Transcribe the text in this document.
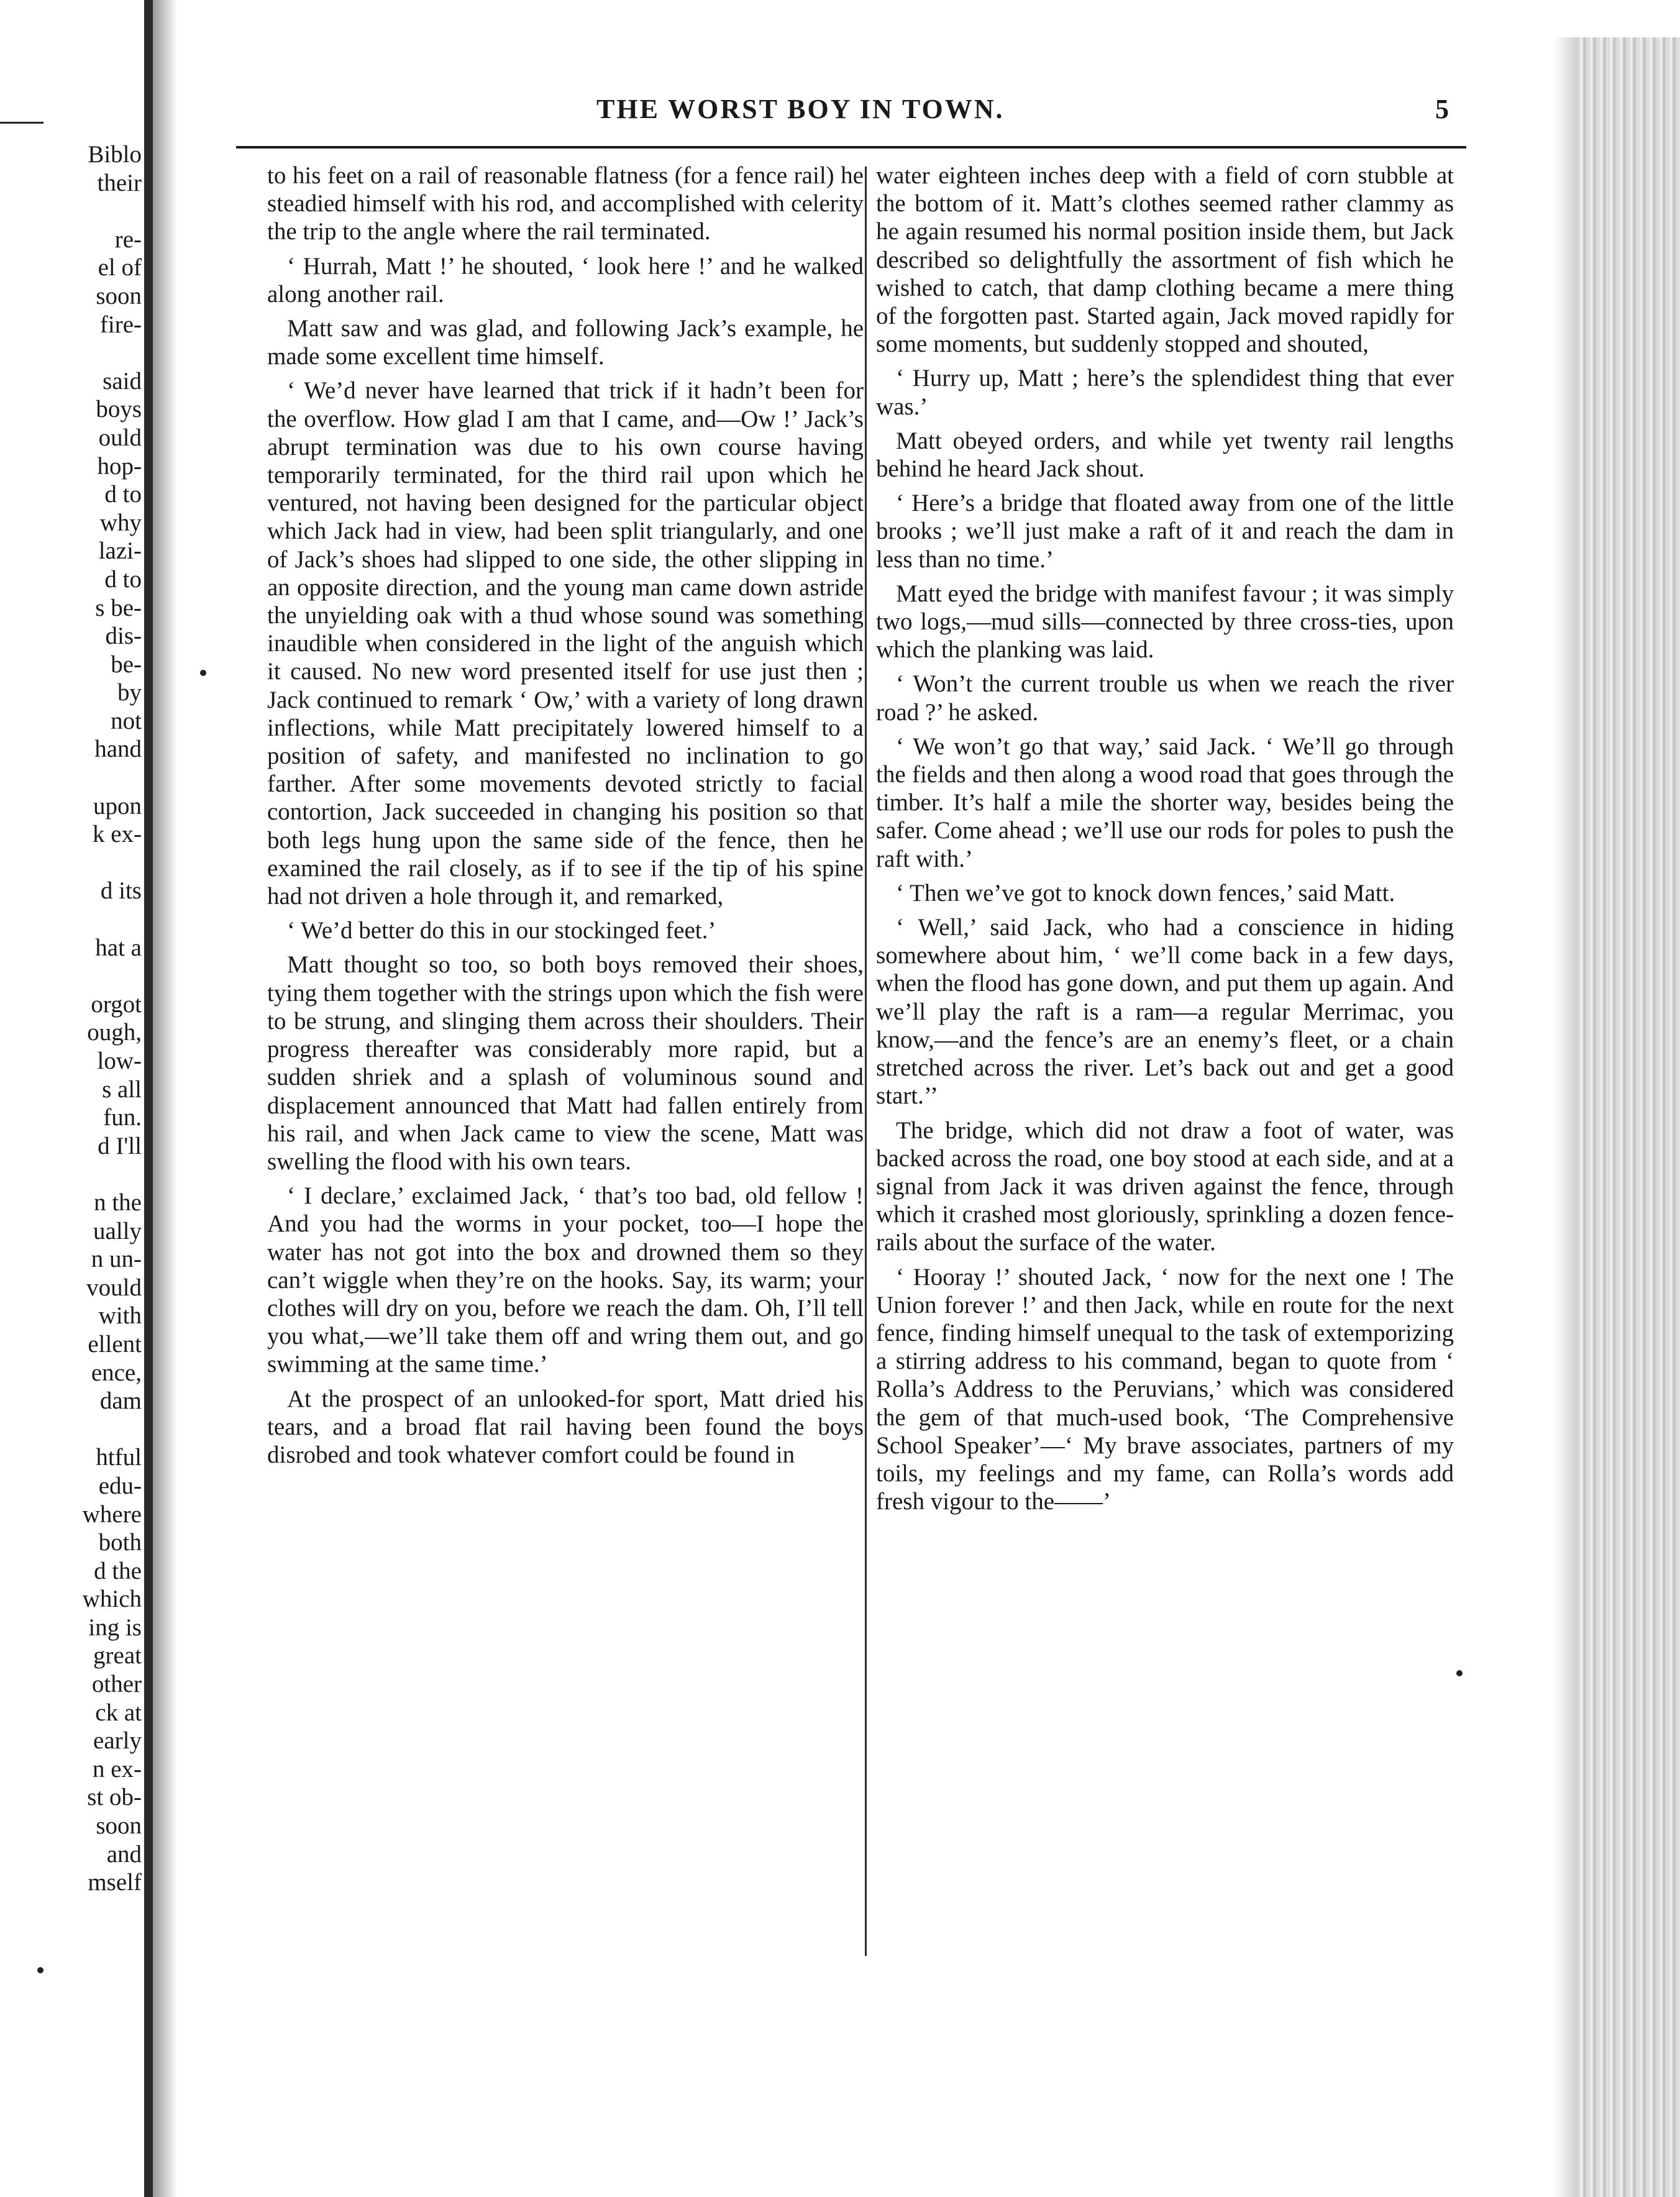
Biblo
their
re-
el of
soon
fire-
said
boys
ould
hop-
d to
why
lazi-
d to
s be-
dis-
be-
by
not
hand
upon
k ex-
d its
hat a
orgot
ough,
low-
s all
fun.
d I'll
n the
ually
n un-
vould
with
ellent
ence,
dam
htful
edu-
where
both
d the
which
ing is
great
other
ck at
early
n ex-
st ob-
soon
and
mself
THE WORST BOY IN TOWN.	5

to his feet on a rail of reasonable flatness (for a fence rail) he steadied himself with his rod, and accomplished with celerity the trip to the angle where the rail terminated.

‘ Hurrah, Matt !’ he shouted, ‘ look here !’ and he walked along another rail.

Matt saw and was glad, and following Jack’s example, he made some excellent time himself.

‘ We’d never have learned that trick if it hadn’t been for the overflow. How glad I am that I came, and—Ow !’ Jack’s abrupt termination was due to his own course having temporarily terminated, for the third rail upon which he ventured, not having been designed for the particular object which Jack had in view, had been split triangularly, and one of Jack’s shoes had slipped to one side, the other slipping in an opposite direction, and the young man came down astride the unyielding oak with a thud whose sound was something inaudible when considered in the light of the anguish which it caused. No new word presented itself for use just then ; Jack continued to remark ‘ Ow,’ with a variety of long drawn inflections, while Matt precipitately lowered himself to a position of safety, and manifested no inclination to go farther. After some movements devoted strictly to facial contortion, Jack succeeded in changing his position so that both legs hung upon the same side of the fence, then he examined the rail closely, as if to see if the tip of his spine had not driven a hole through it, and remarked,

‘ We’d better do this in our stockinged feet.’

Matt thought so too, so both boys removed their shoes, tying them together with the strings upon which the fish were to be strung, and slinging them across their shoulders. Their progress thereafter was considerably more rapid, but a sudden shriek and a splash of voluminous sound and displacement announced that Matt had fallen entirely from his rail, and when Jack came to view the scene, Matt was swelling the flood with his own tears.

‘ I declare,’ exclaimed Jack, ‘ that’s too bad, old fellow ! And you had the worms in your pocket, too—I hope the water has not got into the box and drowned them so they can’t wiggle when they’re on the hooks. Say, its warm; your clothes will dry on you, before we reach the dam. Oh, I’ll tell you what,—we’ll take them off and wring them out, and go swimming at the same time.’

At the prospect of an unlooked-for sport, Matt dried his tears, and a broad flat rail having been found the boys disrobed and took whatever comfort could be found in

water eighteen inches deep with a field of corn stubble at the bottom of it. Matt’s clothes seemed rather clammy as he again resumed his normal position inside them, but Jack described so delightfully the assortment of fish which he wished to catch, that damp clothing became a mere thing of the forgotten past. Started again, Jack moved rapidly for some moments, but suddenly stopped and shouted,

‘ Hurry up, Matt ; here’s the splendidest thing that ever was.’

Matt obeyed orders, and while yet twenty rail lengths behind he heard Jack shout.

‘ Here’s a bridge that floated away from one of the little brooks ; we’ll just make a raft of it and reach the dam in less than no time.’

Matt eyed the bridge with manifest favour ; it was simply two logs,—mud sills—connected by three cross-ties, upon which the planking was laid.

‘ Won’t the current trouble us when we reach the river road ?’ he asked.

‘ We won’t go that way,’ said Jack. ‘ We’ll go through the fields and then along a wood road that goes through the timber. It’s half a mile the shorter way, besides being the safer. Come ahead ; we’ll use our rods for poles to push the raft with.’

‘ Then we’ve got to knock down fences,’ said Matt.

‘ Well,’ said Jack, who had a conscience in hiding somewhere about him, ‘ we’ll come back in a few days, when the flood has gone down, and put them up again. And we’ll play the raft is a ram—a regular Merrimac, you know,—and the fence’s are an enemy’s fleet, or a chain stretched across the river. Let’s back out and get a good start.’’

The bridge, which did not draw a foot of water, was backed across the road, one boy stood at each side, and at a signal from Jack it was driven against the fence, through which it crashed most gloriously, sprinkling a dozen fence-rails about the surface of the water.

‘ Hooray !’ shouted Jack, ‘ now for the next one ! The Union forever !’ and then Jack, while en route for the next fence, finding himself unequal to the task of extemporizing a stirring address to his command, began to quote from ‘ Rolla’s Address to the Peruvians,’ which was considered the gem of that much-used book, ‘The Comprehensive School Speaker’—‘ My brave associates, partners of my toils, my feelings and my fame, can Rolla’s words add fresh vigour to the——’
